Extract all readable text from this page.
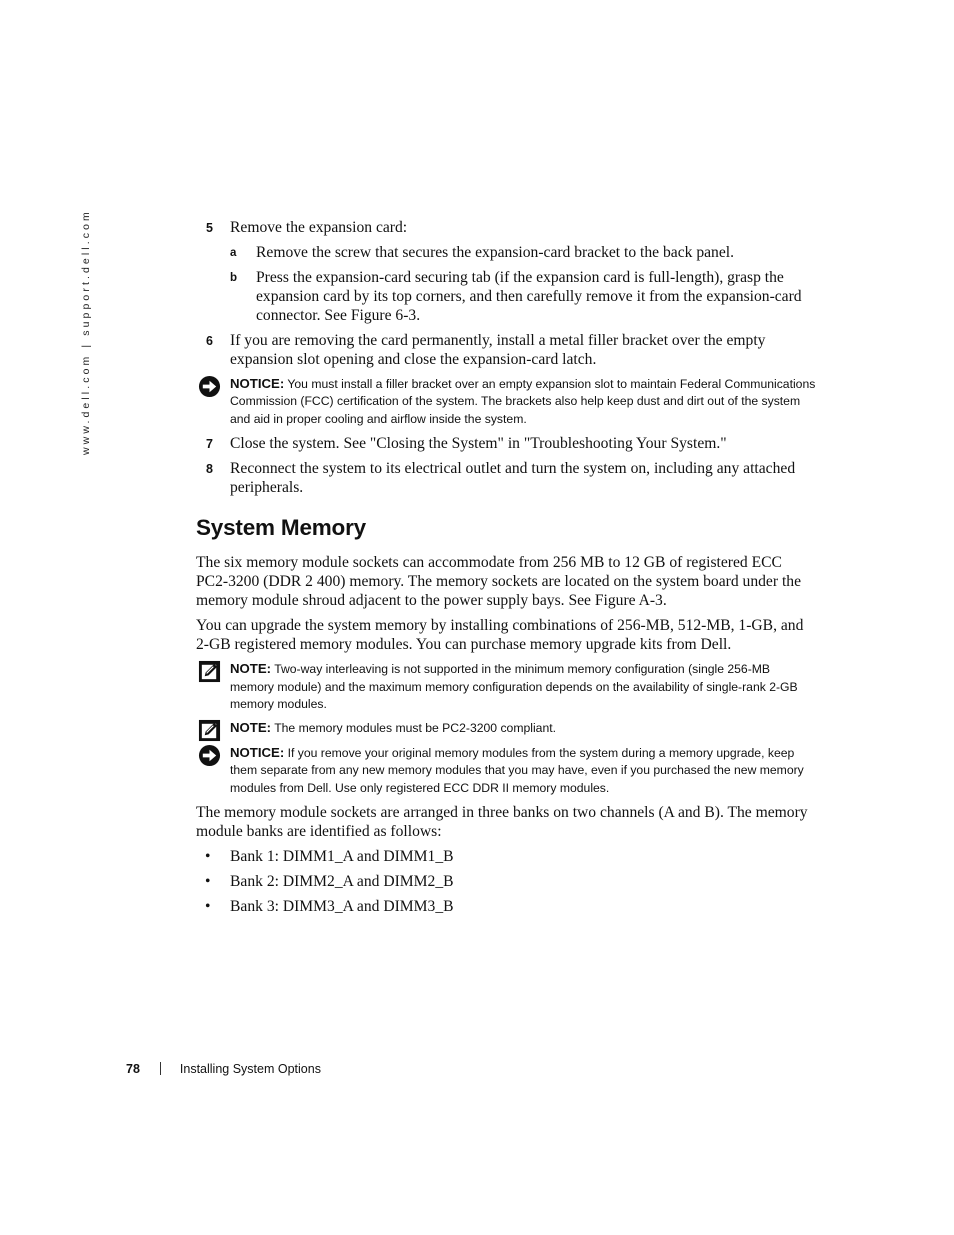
www.dell.com | support.dell.com	5 Remove the expansion card:
a Remove the screw that secures the expansion-card bracket to the back panel.
b Press the expansion-card securing tab (if the expansion card is full-length), grasp the expansion card by its top corners, and then carefully remove it from the expansion-card connector. See Figure 6-3.
6 If you are removing the card permanently, install a metal filler bracket over the empty expansion slot opening and close the expansion-card latch.
NOTICE: You must install a filler bracket over an empty expansion slot to maintain Federal Communications Commission (FCC) certification of the system. The brackets also help keep dust and dirt out of the system and aid in proper cooling and airflow inside the system.
7 Close the system. See "Closing the System" in "Troubleshooting Your System."
8 Reconnect the system to its electrical outlet and turn the system on, including any attached peripherals.
System Memory

The six memory module sockets can accommodate from 256 MB to 12 GB of registered ECC PC2-3200 (DDR 2 400) memory. The memory sockets are located on the system board under the memory module shroud adjacent to the power supply bays. See Figure A-3.

You can upgrade the system memory by installing combinations of 256-MB, 512-MB, 1-GB, and 2-GB registered memory modules. You can purchase memory upgrade kits from Dell.

NOTE: Two-way interleaving is not supported in the minimum memory configuration (single 256-MB memory module) and the maximum memory configuration depends on the availability of single-rank 2-GB memory modules.
NOTE: The memory modules must be PC2-3200 compliant.
NOTICE: If you remove your original memory modules from the system during a memory upgrade, keep them separate from any new memory modules that you may have, even if you purchased the new memory modules from Dell. Use only registered ECC DDR II memory modules.

The memory module sockets are arranged in three banks on two channels (A and B). The memory module banks are identified as follows:

• Bank 1: DIMM1_A and DIMM1_B
• Bank 2: DIMM2_A and DIMM2_B
• Bank 3: DIMM3_A and DIMM3_B
78	Installing System Options
